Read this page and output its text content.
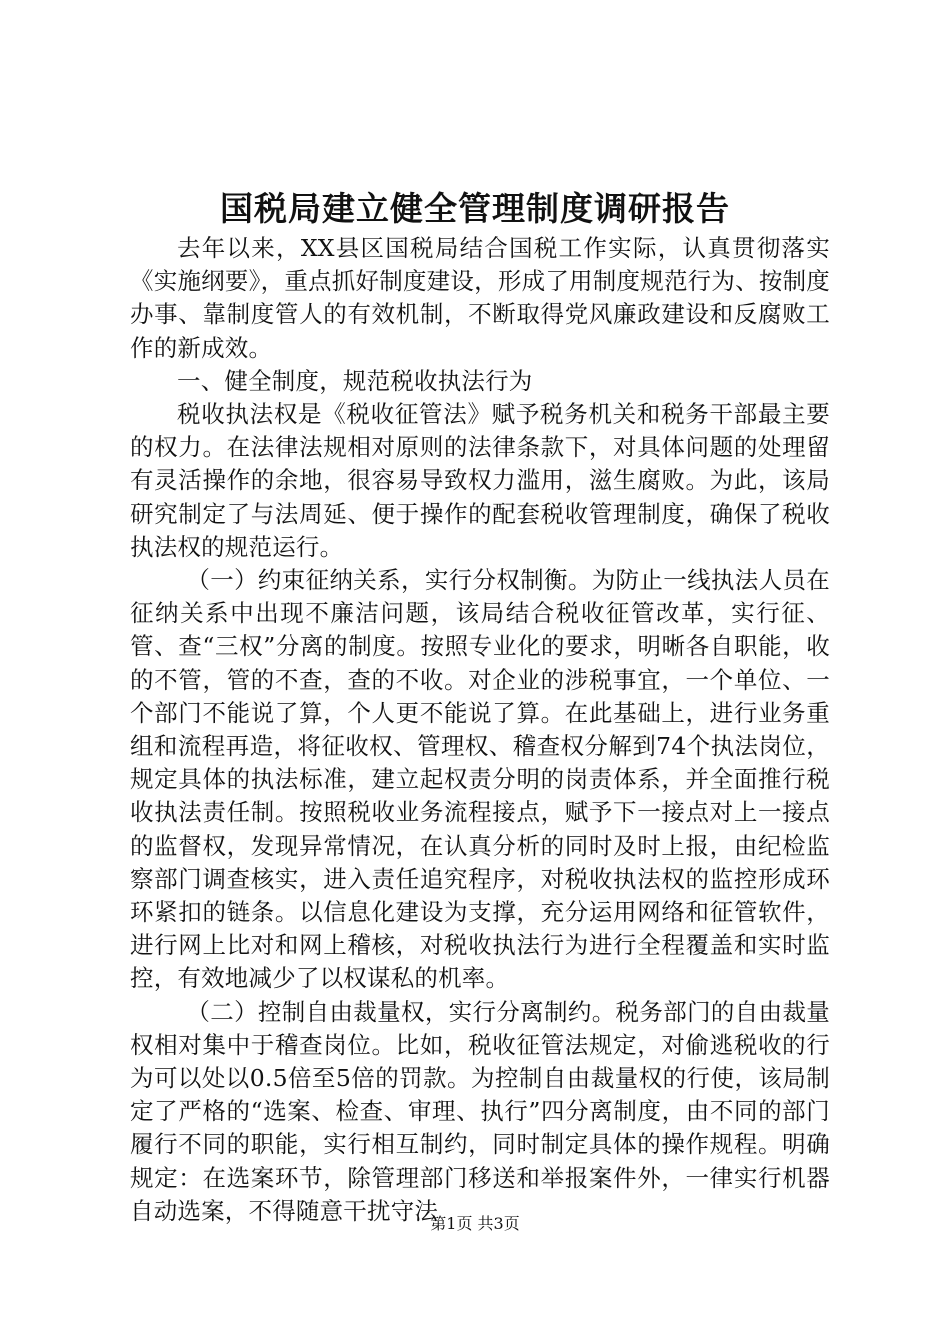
国税局建立健全管理制度调研报告

去年以来，XX县区国税局结合国税工作实际，认真贯彻落实《实施纲要》，重点抓好制度建设，形成了用制度规范行为、按制度办事、靠制度管人的有效机制，不断取得党风廉政建设和反腐败工作的新成效。

一、健全制度，规范税收执法行为

税收执法权是《税收征管法》赋予税务机关和税务干部最主要的权力。在法律法规相对原则的法律条款下，对具体问题的处理留有灵活操作的余地，很容易导致权力滥用，滋生腐败。为此，该局研究制定了与法周延、便于操作的配套税收管理制度，确保了税收执法权的规范运行。

（一）约束征纳关系，实行分权制衡。为防止一线执法人员在征纳关系中出现不廉洁问题，该局结合税收征管改革，实行征、管、查“三权”分离的制度。按照专业化的要求，明晰各自职能，收的不管，管的不查，查的不收。对企业的涉税事宜，一个单位、一个部门不能说了算，个人更不能说了算。在此基础上，进行业务重组和流程再造，将征收权、管理权、稽查权分解到74个执法岗位，规定具体的执法标准，建立起权责分明的岗责体系，并全面推行税收执法责任制。按照税收业务流程接点，赋予下一接点对上一接点的监督权，发现异常情况，在认真分析的同时及时上报，由纪检监察部门调查核实，进入责任追究程序，对税收执法权的监控形成环环紧扣的链条。以信息化建设为支撑，充分运用网络和征管软件，进行网上比对和网上稽核，对税收执法行为进行全程覆盖和实时监控，有效地减少了以权谋私的机率。

（二）控制自由裁量权，实行分离制约。税务部门的自由裁量权相对集中于稽查岗位。比如，税收征管法规定，对偷逃税收的行为可以处以0.5倍至5倍的罚款。为控制自由裁量权的行使，该局制定了严格的“选案、检查、审理、执行”四分离制度，由不同的部门履行不同的职能，实行相互制约，同时制定具体的操作规程。明确规定：在选案环节，除管理部门移送和举报案件外，一律实行机器自动选案，不得随意干扰守法

第1页 共3页
